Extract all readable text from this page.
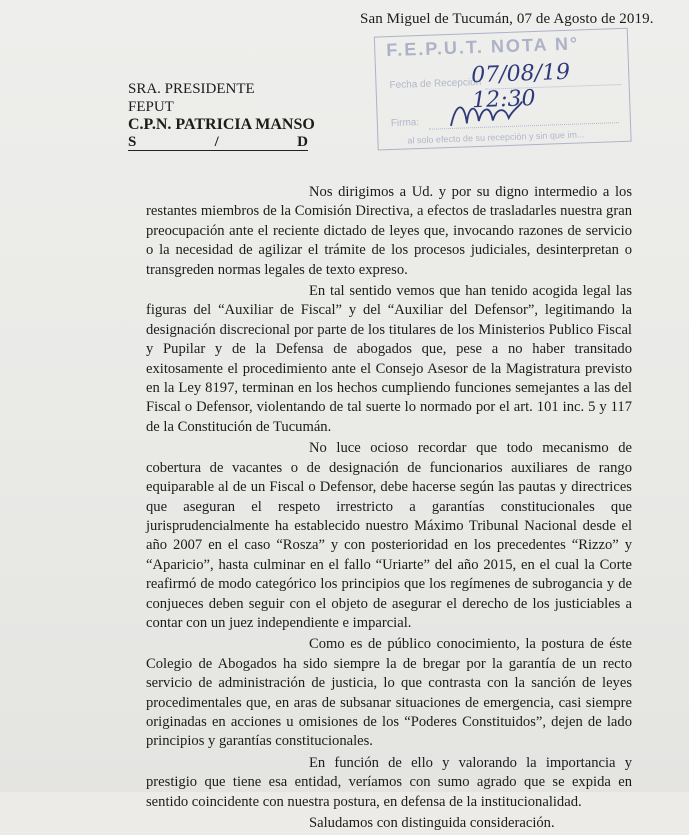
San Miguel de Tucumán, 07 de Agosto de 2019.
F.E.P.U.T. NOTA N°
Fecha de Recepción
07/08/19 12:30
Firma:
al solo efecto de su recepción y sin que im...
SRA. PRESIDENTE
FEPUT
C.P.N. PATRICIA MANSO
S	/	D

Nos dirigimos a Ud. y por su digno intermedio a los restantes miembros de la Comisión Directiva, a efectos de trasladarles nuestra gran preocupación ante el reciente dictado de leyes que, invocando razones de servicio o la necesidad de agilizar el trámite de los procesos judiciales, desinterpretan o transgreden normas legales de texto expreso.

En tal sentido vemos que han tenido acogida legal las figuras del “Auxiliar de Fiscal” y del “Auxiliar del Defensor”, legitimando la designación discrecional por parte de los titulares de los Ministerios Publico Fiscal y Pupilar y de la Defensa de abogados que, pese a no haber transitado exitosamente el procedimiento ante el Consejo Asesor de la Magistratura previsto en la Ley 8197, terminan en los hechos cumpliendo funciones semejantes a las del Fiscal o Defensor, violentando de tal suerte lo normado por el art. 101 inc. 5 y 117 de la Constitución de Tucumán.

No luce ocioso recordar que todo mecanismo de cobertura de vacantes o de designación de funcionarios auxiliares de rango equiparable al de un Fiscal o Defensor, debe hacerse según las pautas y directrices que aseguran el respeto irrestricto a garantías constitucionales que jurisprudencialmente ha establecido nuestro Máximo Tribunal Nacional desde el año 2007 en el caso “Rosza” y con posterioridad en los precedentes “Rizzo” y “Aparicio”, hasta culminar en el fallo “Uriarte” del año 2015, en el cual la Corte reafirmó de modo categórico los principios que los regímenes de subrogancia y de conjueces deben seguir con el objeto de asegurar el derecho de los justiciables a contar con un juez independiente e imparcial.

Como es de público conocimiento, la postura de éste Colegio de Abogados ha sido siempre la de bregar por la garantía de un recto servicio de administración de justicia, lo que contrasta con la sanción de leyes procedimentales que, en aras de subsanar situaciones de emergencia, casi siempre originadas en acciones u omisiones de los “Poderes Constituidos”, dejen de lado principios y garantías constitucionales.

En función de ello y valorando la importancia y prestigio que tiene esa entidad, veríamos con sumo agrado que se expida en sentido coincidente con nuestra postura, en defensa de la institucionalidad.

Saludamos con distinguida consideración.
